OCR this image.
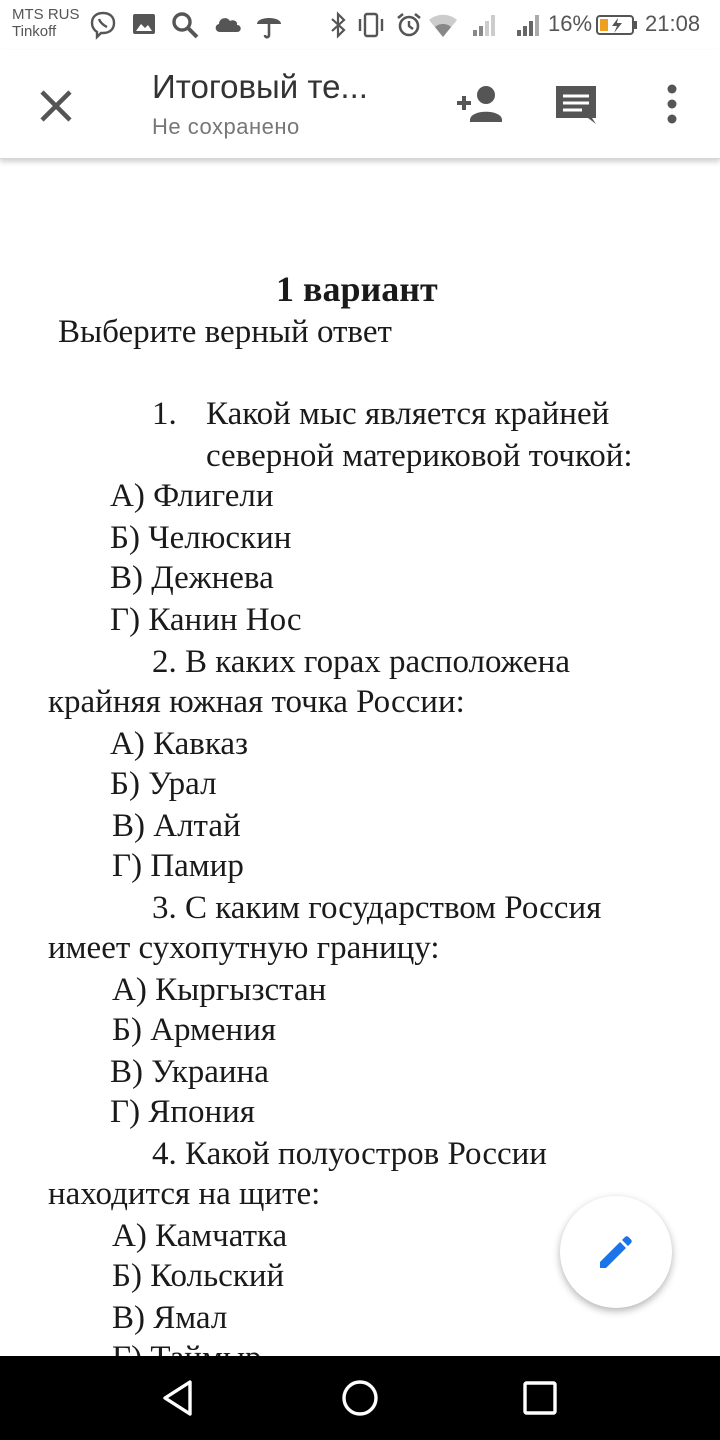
MTS RUS
Tinkoff	16% 21:08
Итоговый те...
Не сохранено
1 вариант
Выберите верный ответ
1. Какой мыс является крайней
северной материковой точкой:
А) Флигели
Б) Челюскин
В) Дежнева
Г) Канин Нос
2. В каких горах расположена
крайняя южная точка России:
А) Кавказ
Б) Урал
В) Алтай
Г) Памир
3. С каким государством Россия
имеет сухопутную границу:
А) Кыргызстан
Б) Армения
В) Украина
Г) Япония
4. Какой полуостров России
находится на щите:
А) Камчатка
Б) Кольский
В) Ямал
